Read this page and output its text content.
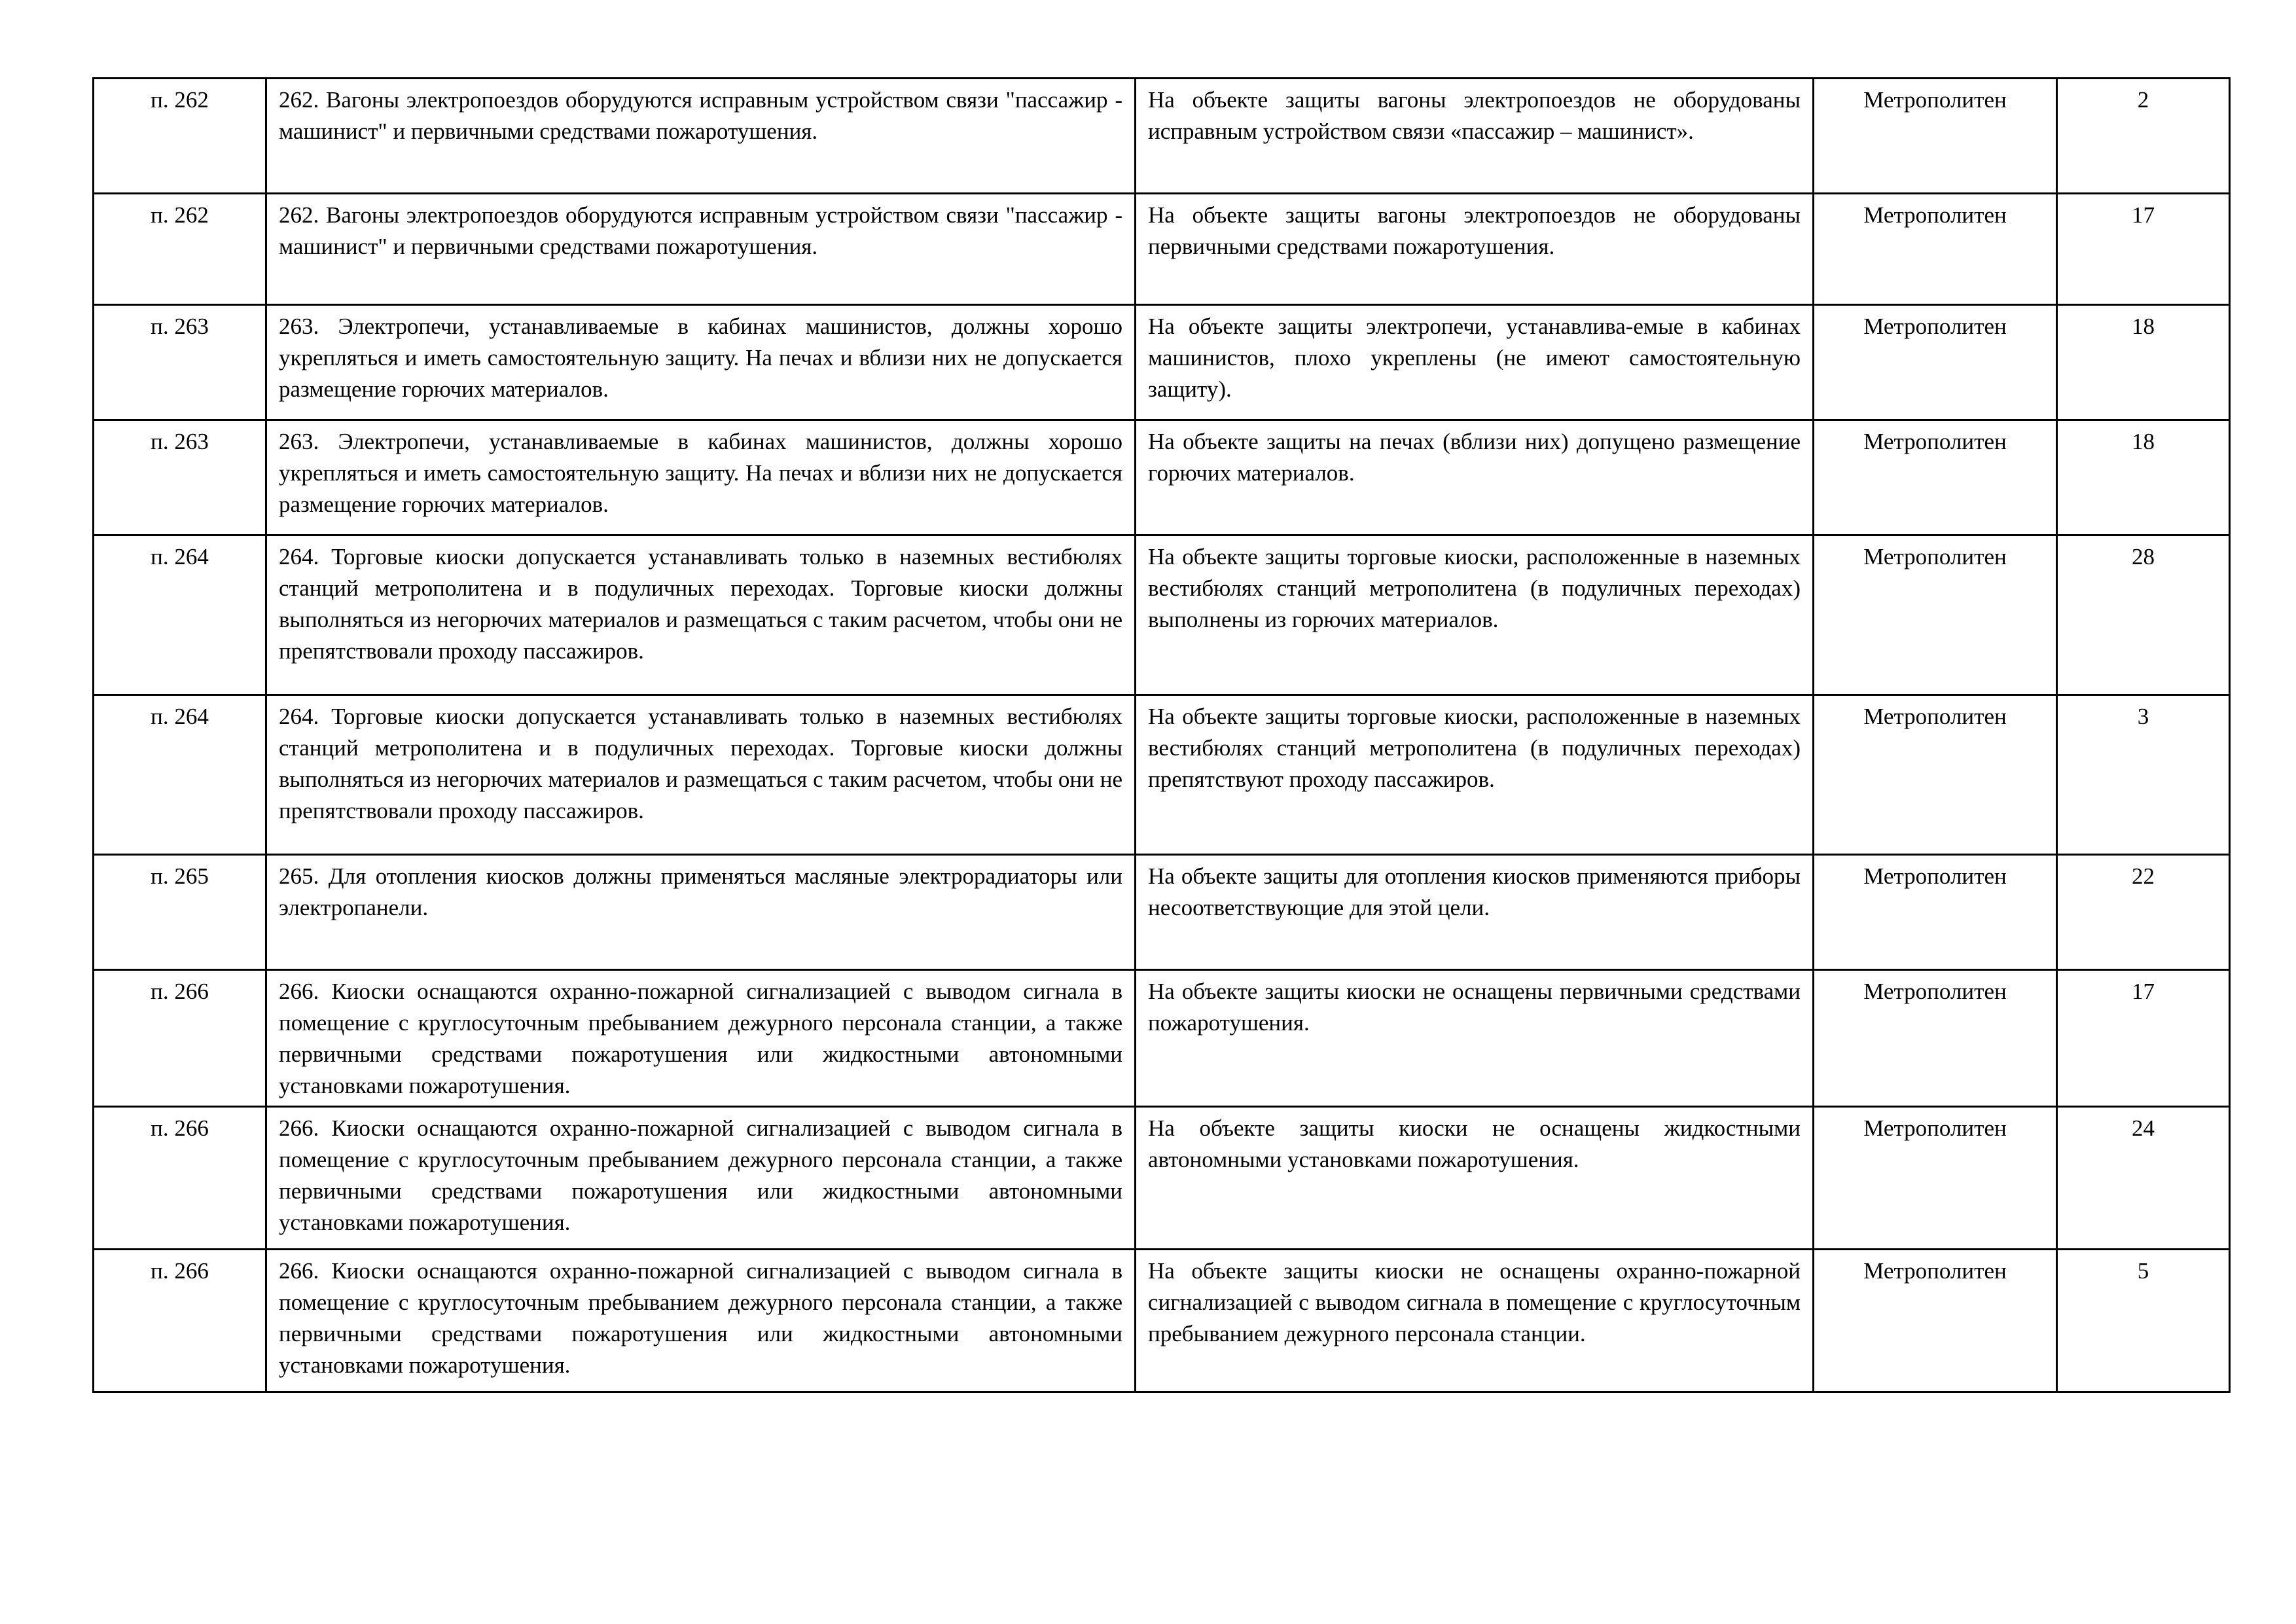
п. 262	262. Вагоны электропоездов оборудуются исправным устройством связи "пассажир - машинист" и первичными средствами пожаротушения.	На объекте защиты вагоны электропоездов не оборудованы исправным устройством связи «пассажир – машинист».	Метрополитен	2
п. 262	262. Вагоны электропоездов оборудуются исправным устройством связи "пассажир - машинист" и первичными средствами пожаротушения.	На объекте защиты вагоны электропоездов не оборудованы первичными средствами пожаротушения.	Метрополитен	17
п. 263	263. Электропечи, устанавливаемые в кабинах машинистов, должны хорошо укрепляться и иметь самостоятельную защиту. На печах и вблизи них не допускается размещение горючих материалов.	На объекте защиты электропечи, устанавлива-емые в кабинах машинистов, плохо укреплены (не имеют самостоятельную защиту).	Метрополитен	18
п. 263	263. Электропечи, устанавливаемые в кабинах машинистов, должны хорошо укрепляться и иметь самостоятельную защиту. На печах и вблизи них не допускается размещение горючих материалов.	На объекте защиты на печах (вблизи них) допущено размещение горючих материалов.	Метрополитен	18
п. 264	264. Торговые киоски допускается устанавливать только в наземных вестибюлях станций метрополитена и в подуличных переходах. Торговые киоски должны выполняться из негорючих материалов и размещаться с таким расчетом, чтобы они не препятствовали проходу пассажиров.	На объекте защиты торговые киоски, расположенные в наземных вестибюлях станций метрополитена (в подуличных переходах) выполнены из горючих материалов.	Метрополитен	28
п. 264	264. Торговые киоски допускается устанавливать только в наземных вестибюлях станций метрополитена и в подуличных переходах. Торговые киоски должны выполняться из негорючих материалов и размещаться с таким расчетом, чтобы они не препятствовали проходу пассажиров.	На объекте защиты торговые киоски, расположенные в наземных вестибюлях станций метрополитена (в подуличных переходах) препятствуют проходу пассажиров.	Метрополитен	3
п. 265	265. Для отопления киосков должны применяться масляные электрорадиаторы или электропанели.	На объекте защиты для отопления киосков применяются приборы несоответствующие для этой цели.	Метрополитен	22
п. 266	266. Киоски оснащаются охранно-пожарной сигнализацией с выводом сигнала в помещение с круглосуточным пребыванием дежурного персонала станции, а также первичными средствами пожаротушения или жидкостными автономными установками пожаротушения.	На объекте защиты киоски не оснащены первичными средствами пожаротушения.	Метрополитен	17
п. 266	266. Киоски оснащаются охранно-пожарной сигнализацией с выводом сигнала в помещение с круглосуточным пребыванием дежурного персонала станции, а также первичными средствами пожаротушения или жидкостными автономными установками пожаротушения.	На объекте защиты киоски не оснащены жидкостными автономными установками пожаротушения.	Метрополитен	24
п. 266	266. Киоски оснащаются охранно-пожарной сигнализацией с выводом сигнала в помещение с круглосуточным пребыванием дежурного персонала станции, а также первичными средствами пожаротушения или жидкостными автономными установками пожаротушения.	На объекте защиты киоски не оснащены охранно-пожарной сигнализацией с выводом сигнала в помещение с круглосуточным пребыванием дежурного персонала станции.	Метрополитен	5
